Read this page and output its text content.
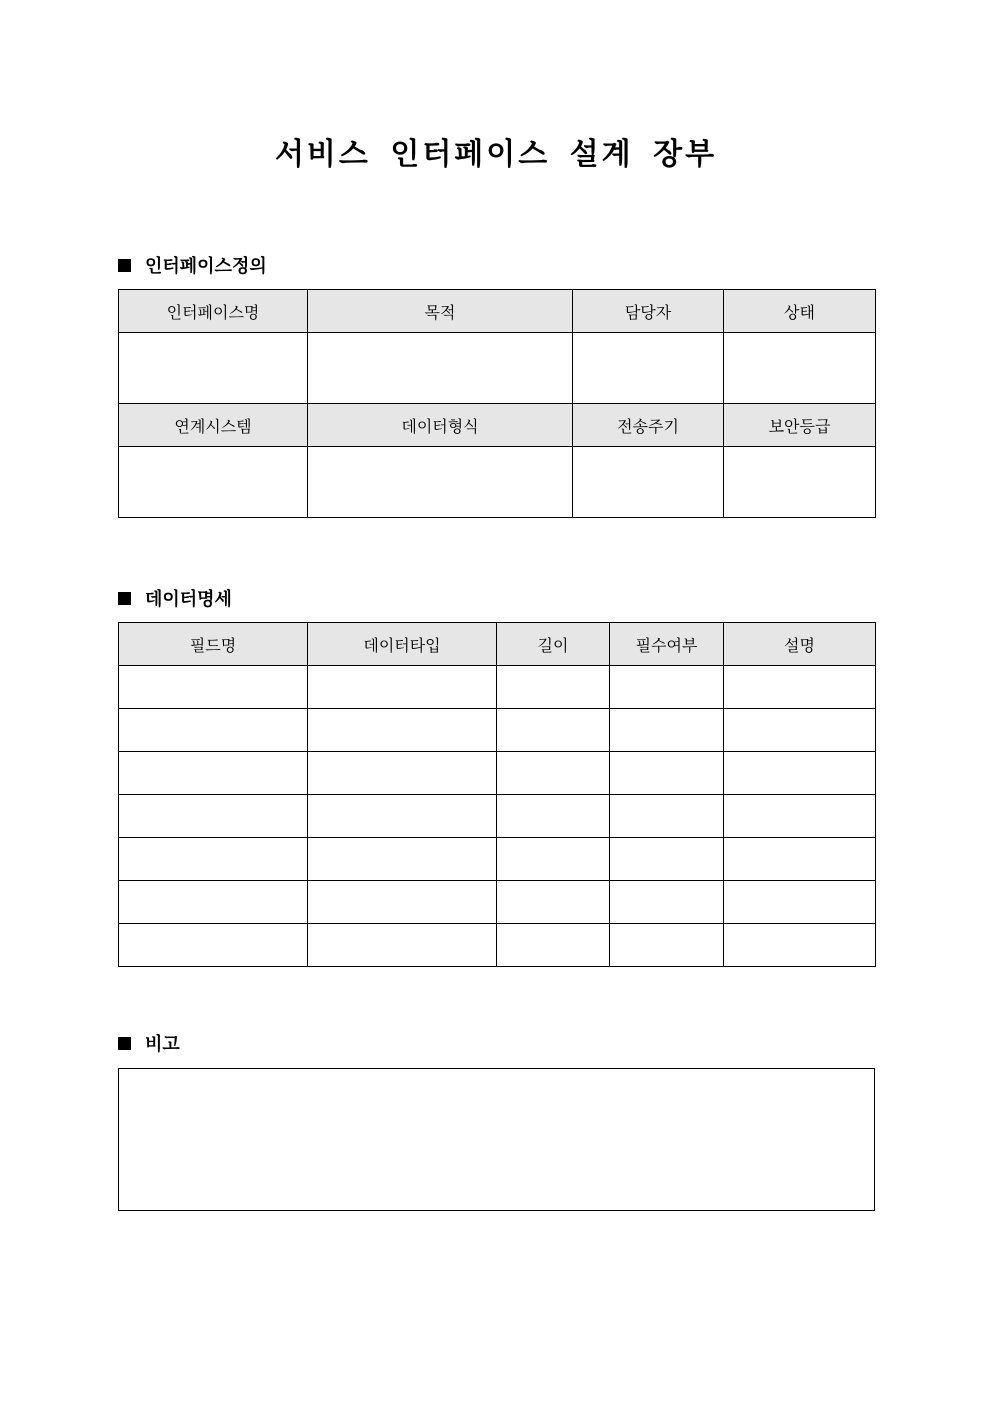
서비스 인터페이스 설계 장부
인터페이스정의
인터페이스명	목적	담당자	상태

연계시스템	데이터형식	전송주기	보안등급

데이터명세
필드명	데이터타입	길이	필수여부	설명

비고
